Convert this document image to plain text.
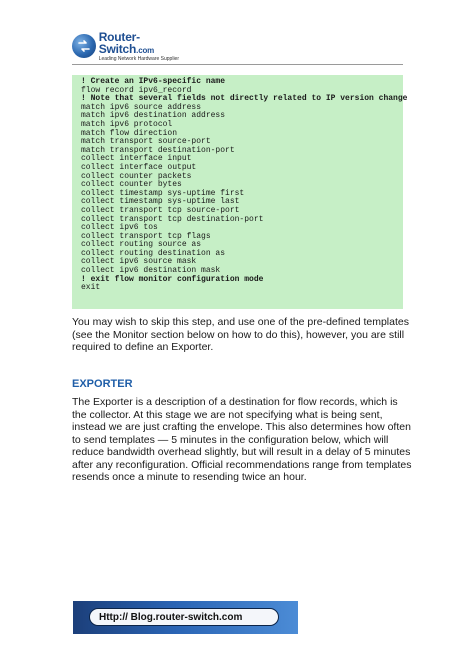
Router-Switch.com
Leading Network Hardware Supplier
! Create an IPv6-specific name
flow record ipv6_record
! Note that several fields not directly related to IP version change
match ipv6 source address
match ipv6 destination address
match ipv6 protocol
match flow direction
match transport source-port
match transport destination-port
collect interface input
collect interface output
collect counter packets
collect counter bytes
collect timestamp sys-uptime first
collect timestamp sys-uptime last
collect transport tcp source-port
collect transport tcp destination-port
collect ipv6 tos
collect transport tcp flags
collect routing source as
collect routing destination as
collect ipv6 source mask
collect ipv6 destination mask
! exit flow monitor configuration mode
exit
You may wish to skip this step, and use one of the pre-defined templates (see the Monitor section below on how to do this), however, you are still required to define an Exporter.
EXPORTER
The Exporter is a description of a destination for flow records, which is the collector. At this stage we are not specifying what is being sent, instead we are just crafting the envelope. This also determines how often to send templates — 5 minutes in the configuration below, which will reduce bandwidth overhead slightly, but will result in a delay of 5 minutes after any reconfiguration. Official recommendations range from templates resends once a minute to resending twice an hour.
Http:// Blog.router-switch.com
